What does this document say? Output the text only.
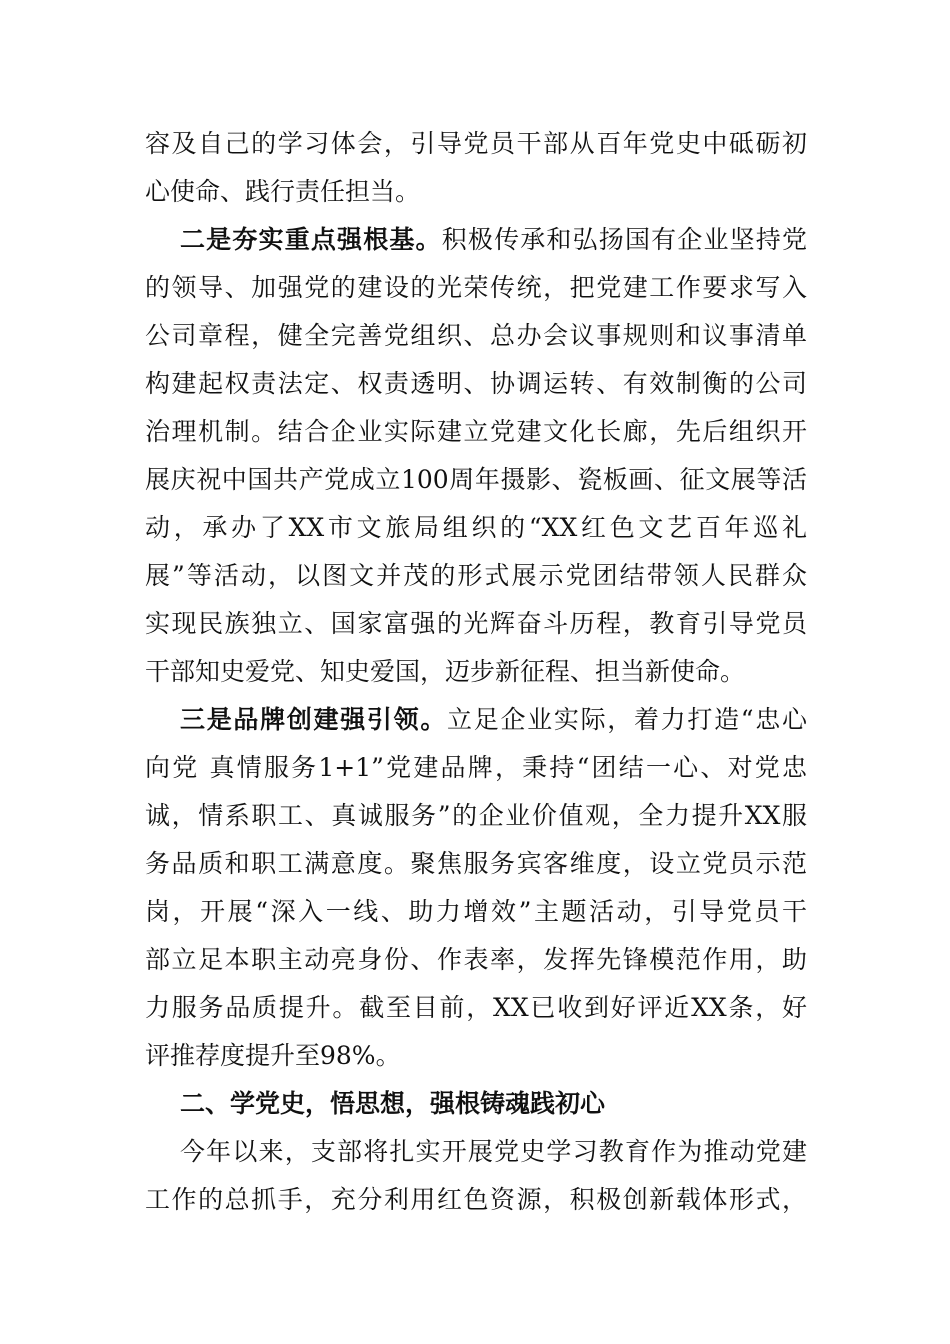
容及自己的学习体会，引导党员干部从百年党史中砥砺初
心使命、践行责任担当。
二是夯实重点强根基。积极传承和弘扬国有企业坚持党
的领导、加强党的建设的光荣传统，把党建工作要求写入
公司章程，健全完善党组织、总办会议事规则和议事清单
构建起权责法定、权责透明、协调运转、有效制衡的公司
治理机制。结合企业实际建立党建文化长廊，先后组织开
展庆祝中国共产党成立100周年摄影、瓷板画、征文展等活
动，承办了XX市文旅局组织的“XX红色文艺百年巡礼
展”等活动，以图文并茂的形式展示党团结带领人民群众
实现民族独立、国家富强的光辉奋斗历程，教育引导党员
干部知史爱党、知史爱国，迈步新征程、担当新使命。
三是品牌创建强引领。立足企业实际，着力打造“忠心
向党 真情服务1+1”党建品牌，秉持“团结一心、对党忠
诚，情系职工、真诚服务”的企业价值观，全力提升XX服
务品质和职工满意度。聚焦服务宾客维度，设立党员示范
岗，开展“深入一线、助力增效”主题活动，引导党员干
部立足本职主动亮身份、作表率，发挥先锋模范作用，助
力服务品质提升。截至目前，XX已收到好评近XX条，好
评推荐度提升至98%。
二、学党史，悟思想，强根铸魂践初心
今年以来，支部将扎实开展党史学习教育作为推动党建
工作的总抓手，充分利用红色资源，积极创新载体形式，
